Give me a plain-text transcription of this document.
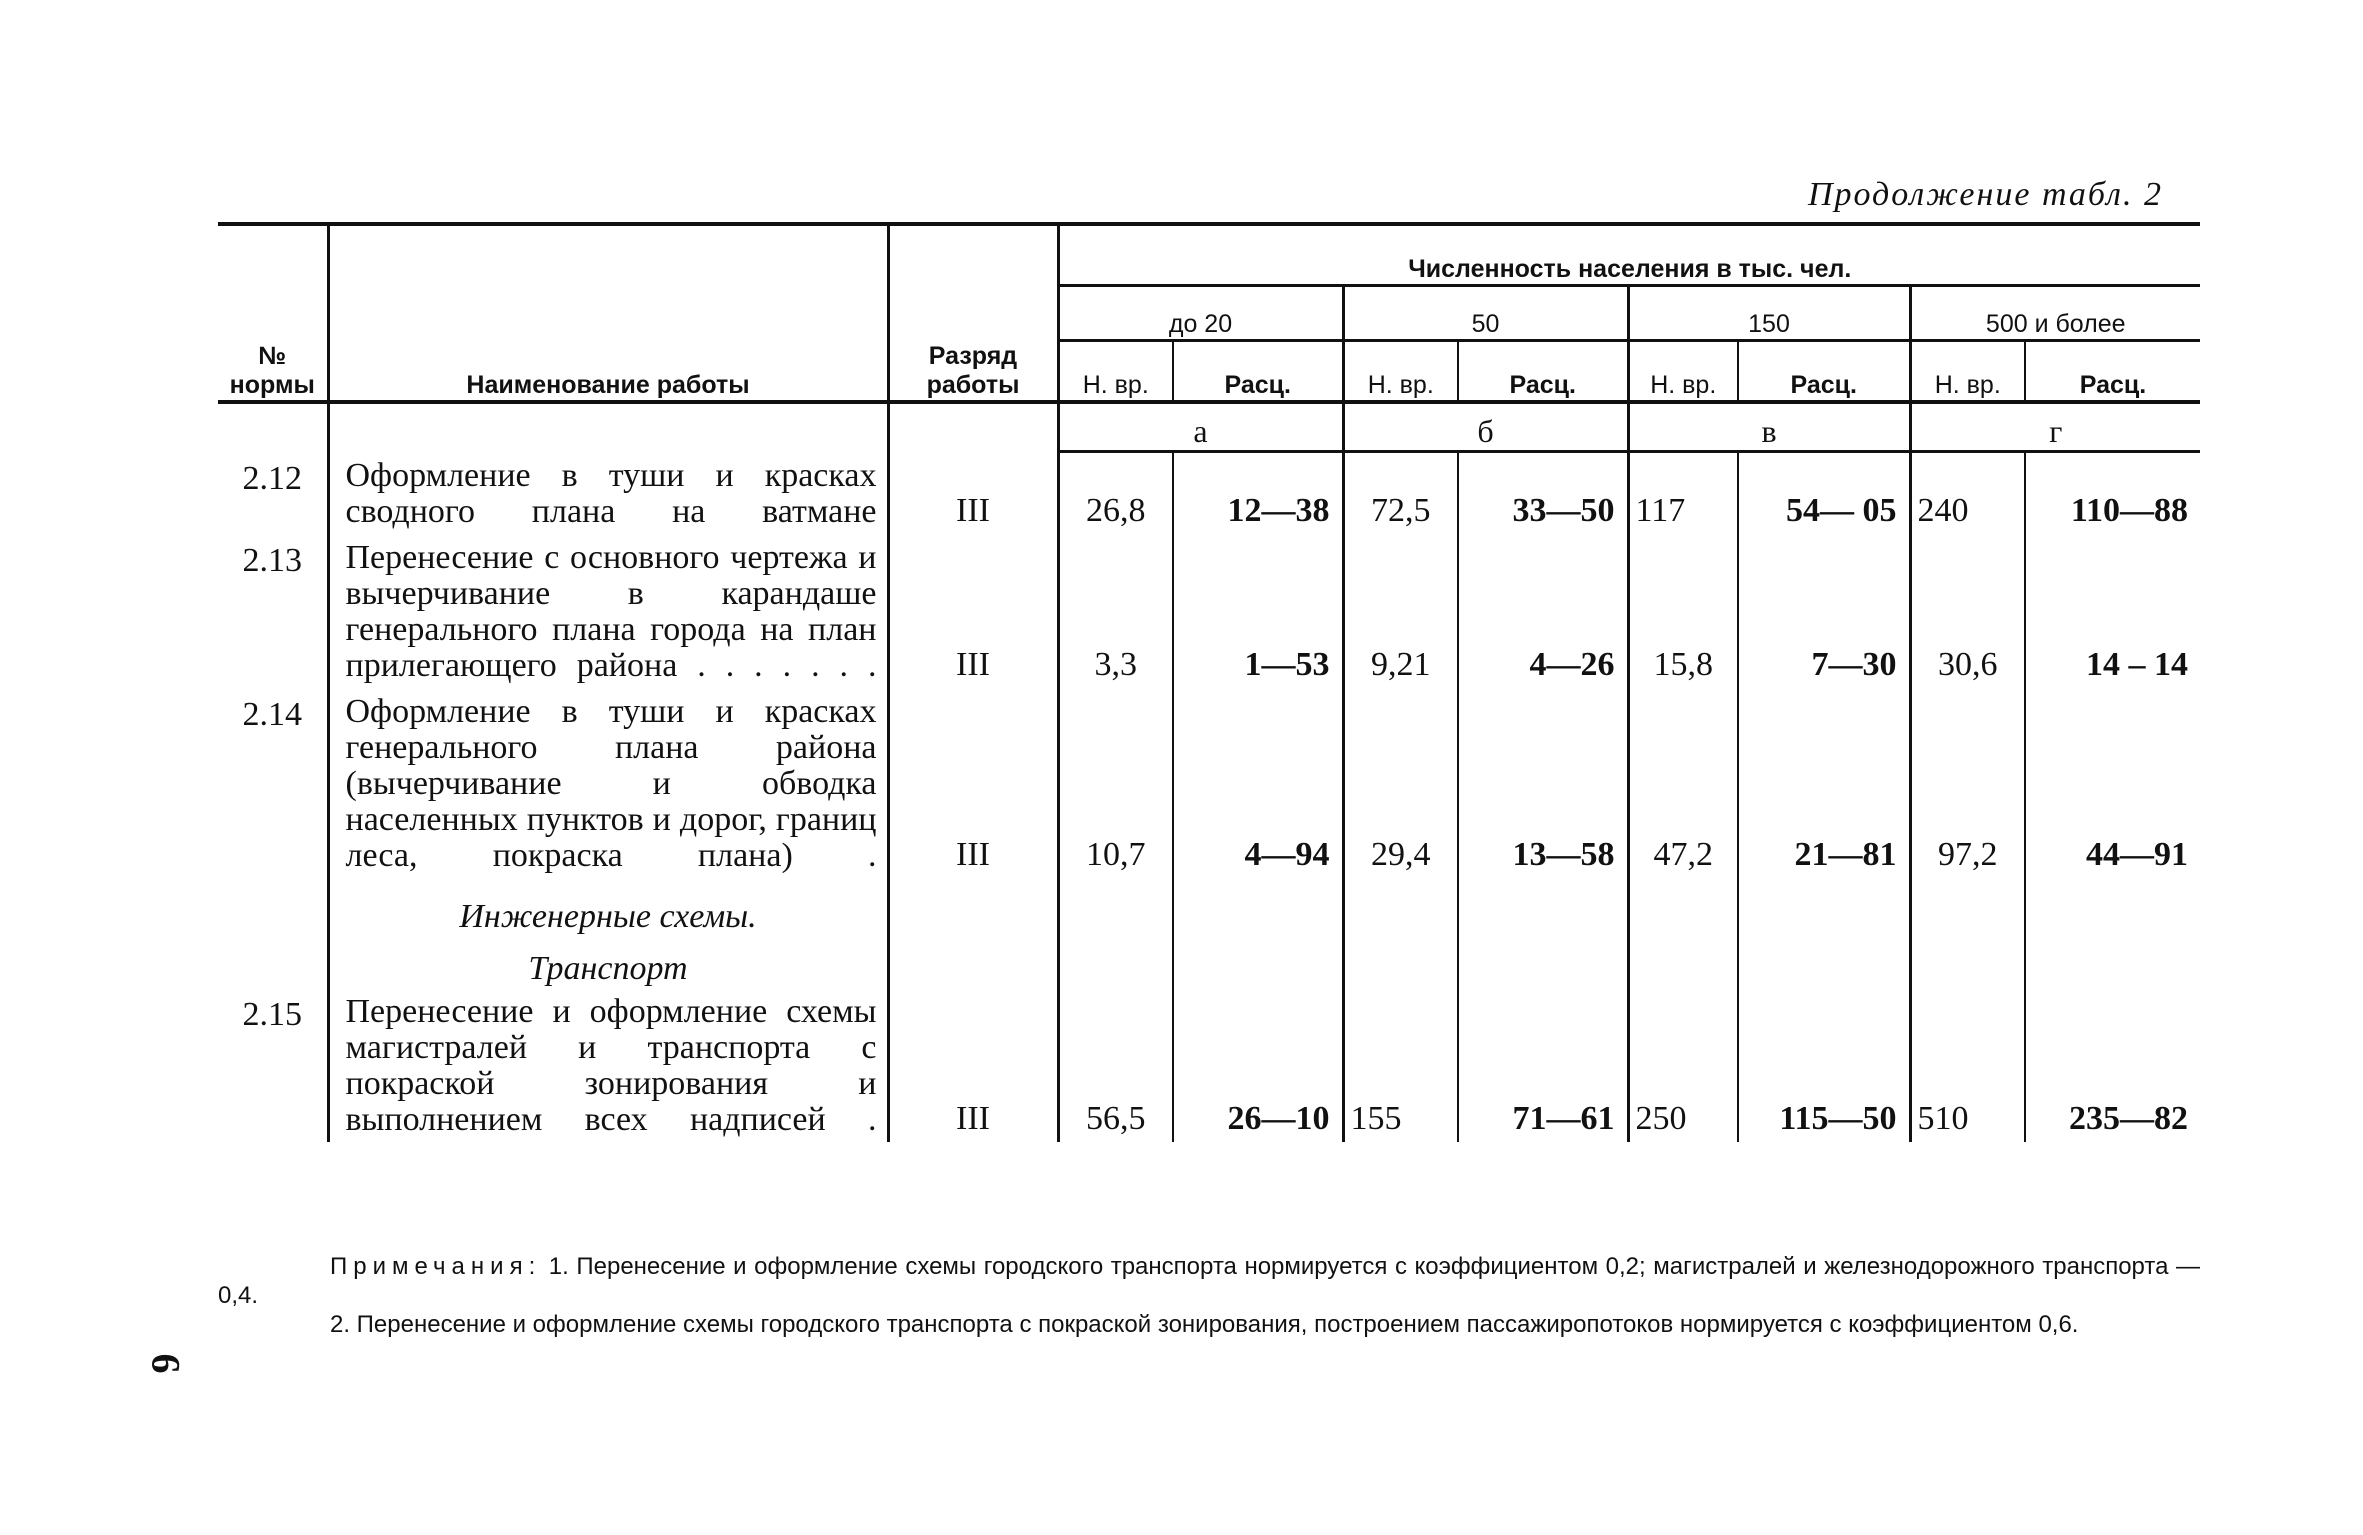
Продолжение табл. 2
№ нормы	Наименование работы	Разряд работы	Численность населения в тыс. чел.							
			до 20		50		150		500 и более	
			Н. вр.	Расц.	Н. вр.	Расц.	Н. вр.	Расц.	Н. вр.	Расц.
			а		б		в		г	
2.12	Оформление в туши и красках сводного плана на ватмане	III	26,8	12—38	72,5	33—50	117	54— 05	240	110—88
2.13	Перенесение с основного чертежа и вычерчивание в карандаше генерального плана города на план прилегающего района . . . . . . .	III	3,3	1—53	9,21	4—26	15,8	7—30	30,6	14 – 14
2.14	Оформление в туши и красках генерального плана района (вычерчивание и обводка населенных пунктов и дорог, границ леса, покраска плана) .	III	10,7	4—94	29,4	13—58	47,2	21—81	97,2	44—91
	Инженерные схемы.									
	Транспорт									
2.15	Перенесение и оформление схемы магистралей и транспорта с покраской зонирования и выполнением всех надписей .	III	56,5	26—10	155	71—61	250	115—50	510	235—82

Примечания: 1. Перенесение и оформление схемы городского транспорта нормируется с коэффициентом 0,2; магистралей и железнодорожного транспорта — 0,4.

2. Перенесение и оформление схемы городского транспорта с покраской зонирования, построением пассажиропотоков нормируется с коэффициентом 0,6.

6
